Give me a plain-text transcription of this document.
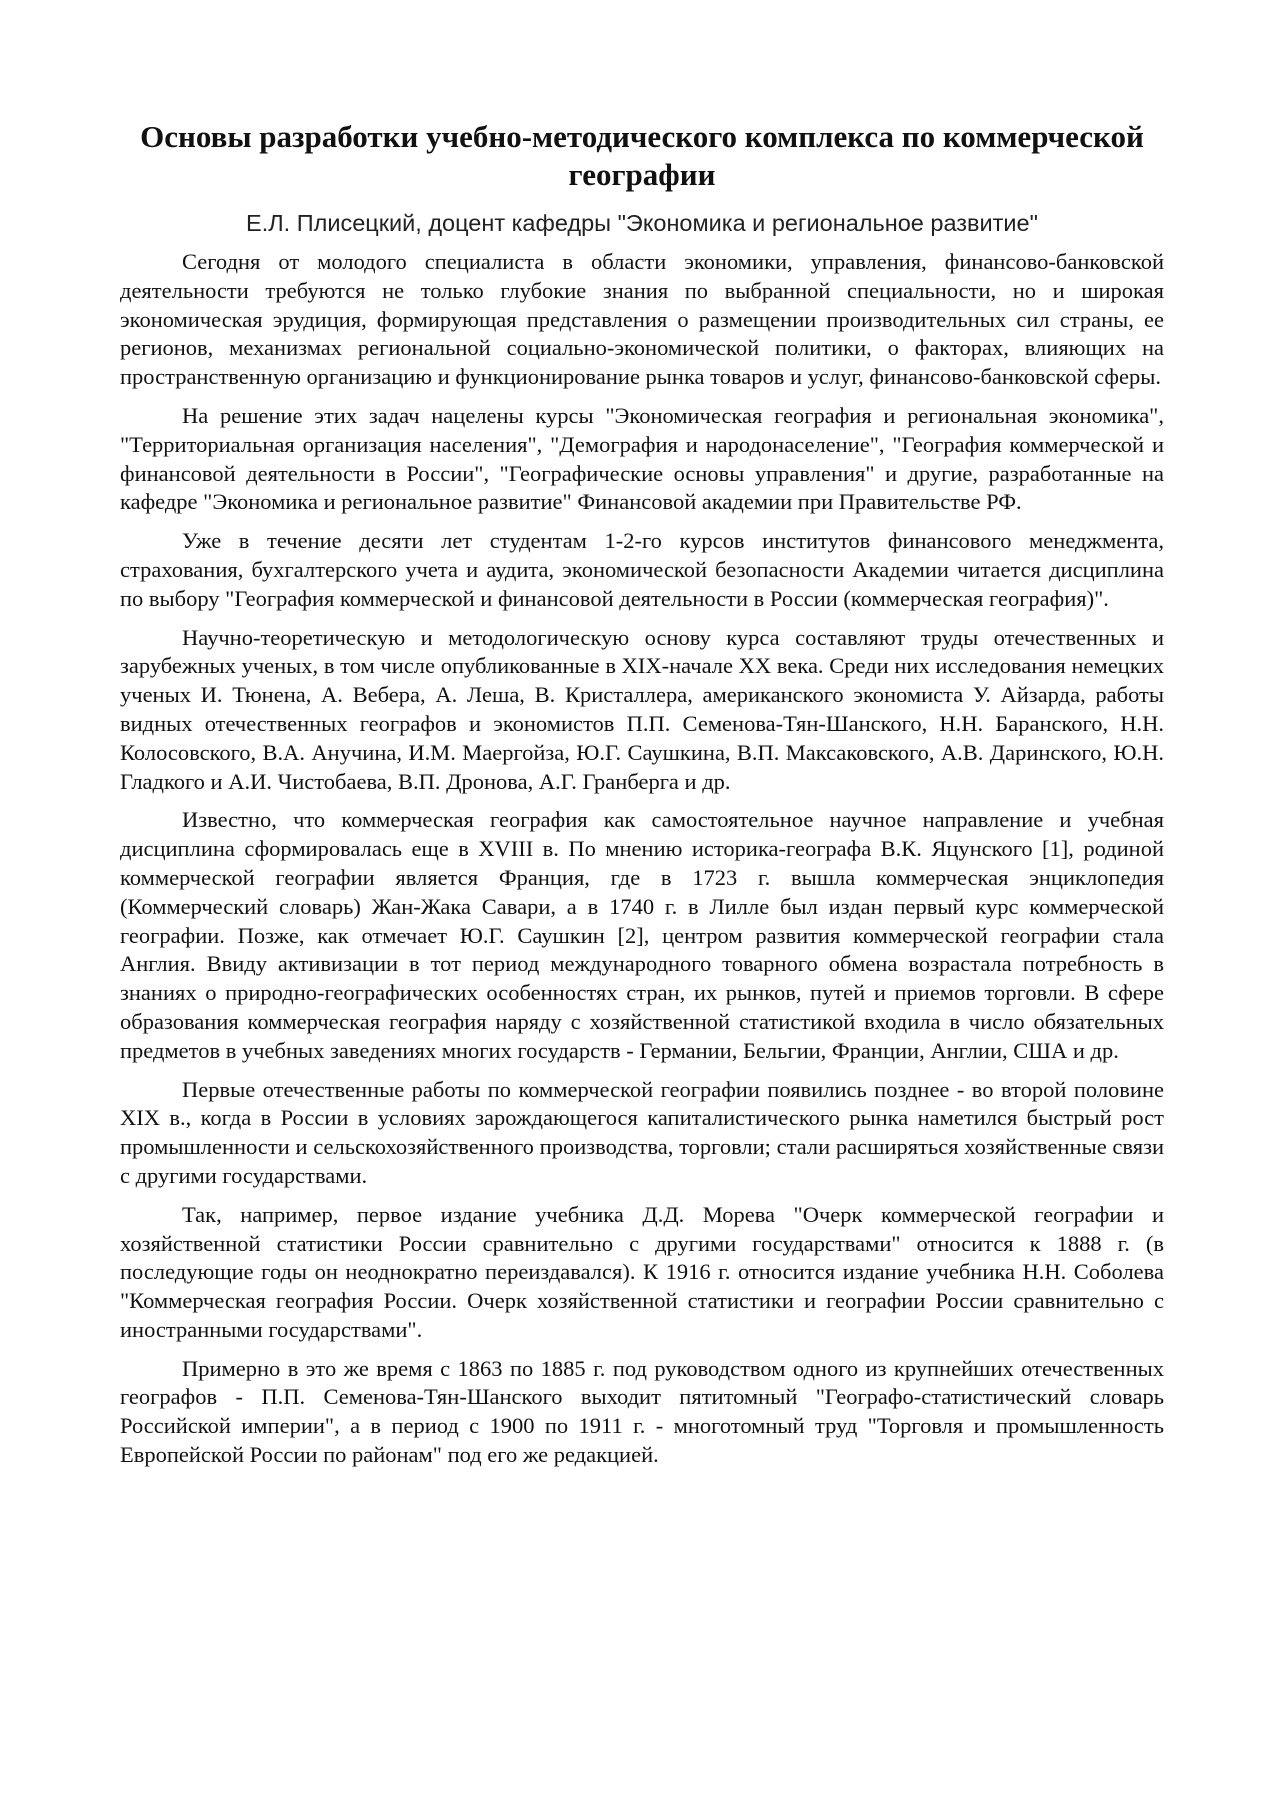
Основы разработки учебно-методического комплекса по коммерческой географии
Е.Л. Плисецкий, доцент кафедры "Экономика и региональное развитие"

Сегодня от молодого специалиста в области экономики, управления, финансово-банковской деятельности требуются не только глубокие знания по выбранной специальности, но и широкая экономическая эрудиция, формирующая представления о размещении производительных сил страны, ее регионов, механизмах региональной социально-экономической политики, о факторах, влияющих на пространственную организацию и функционирование рынка товаров и услуг, финансово-банковской сферы.

На решение этих задач нацелены курсы "Экономическая география и региональная экономика", "Территориальная организация населения", "Демография и народонаселение", "География коммерческой и финансовой деятельности в России", "Географические основы управления" и другие, разработанные на кафедре "Экономика и региональное развитие" Финансовой академии при Правительстве РФ.

Уже в течение десяти лет студентам 1-2-го курсов институтов финансового менеджмента, страхования, бухгалтерского учета и аудита, экономической безопасности Академии читается дисциплина по выбору "География коммерческой и финансовой деятельности в России (коммерческая география)".

Научно-теоретическую и методологическую основу курса составляют труды отечественных и зарубежных ученых, в том числе опубликованные в XIX-начале XX века. Среди них исследования немецких ученых И. Тюнена, А. Вебера, А. Леша, В. Кристаллера, американского экономиста У. Айзарда, работы видных отечественных географов и экономистов П.П. Семенова-Тян-Шанского, Н.Н. Баранского, Н.Н. Колосовского, В.А. Анучина, И.М. Маергойза, Ю.Г. Саушкина, В.П. Максаковского, А.В. Даринского, Ю.Н. Гладкого и А.И. Чистобаева, В.П. Дронова, А.Г. Гранберга и др.

Известно, что коммерческая география как самостоятельное научное направление и учебная дисциплина сформировалась еще в XVIII в. По мнению историка-географа В.К. Яцунского [1], родиной коммерческой географии является Франция, где в 1723 г. вышла коммерческая энциклопедия (Коммерческий словарь) Жан-Жака Савари, а в 1740 г. в Лилле был издан первый курс коммерческой географии. Позже, как отмечает Ю.Г. Саушкин [2], центром развития коммерческой географии стала Англия. Ввиду активизации в тот период международного товарного обмена возрастала потребность в знаниях о природно-географических особенностях стран, их рынков, путей и приемов торговли. В сфере образования коммерческая география наряду с хозяйственной статистикой входила в число обязательных предметов в учебных заведениях многих государств - Германии, Бельгии, Франции, Англии, США и др.

Первые отечественные работы по коммерческой географии появились позднее - во второй половине XIX в., когда в России в условиях зарождающегося капиталистического рынка наметился быстрый рост промышленности и сельскохозяйственного производства, торговли; стали расширяться хозяйственные связи с другими государствами.

Так, например, первое издание учебника Д.Д. Морева "Очерк коммерческой географии и хозяйственной статистики России сравнительно с другими государствами" относится к 1888 г. (в последующие годы он неоднократно переиздавался). К 1916 г. относится издание учебника Н.Н. Соболева "Коммерческая география России. Очерк хозяйственной статистики и географии России сравнительно с иностранными государствами".

Примерно в это же время с 1863 по 1885 г. под руководством одного из крупнейших отечественных географов - П.П. Семенова-Тян-Шанского выходит пятитомный "Географо-статистический словарь Российской империи", а в период с 1900 по 1911 г. - многотомный труд "Торговля и промышленность Европейской России по районам" под его же редакцией.
